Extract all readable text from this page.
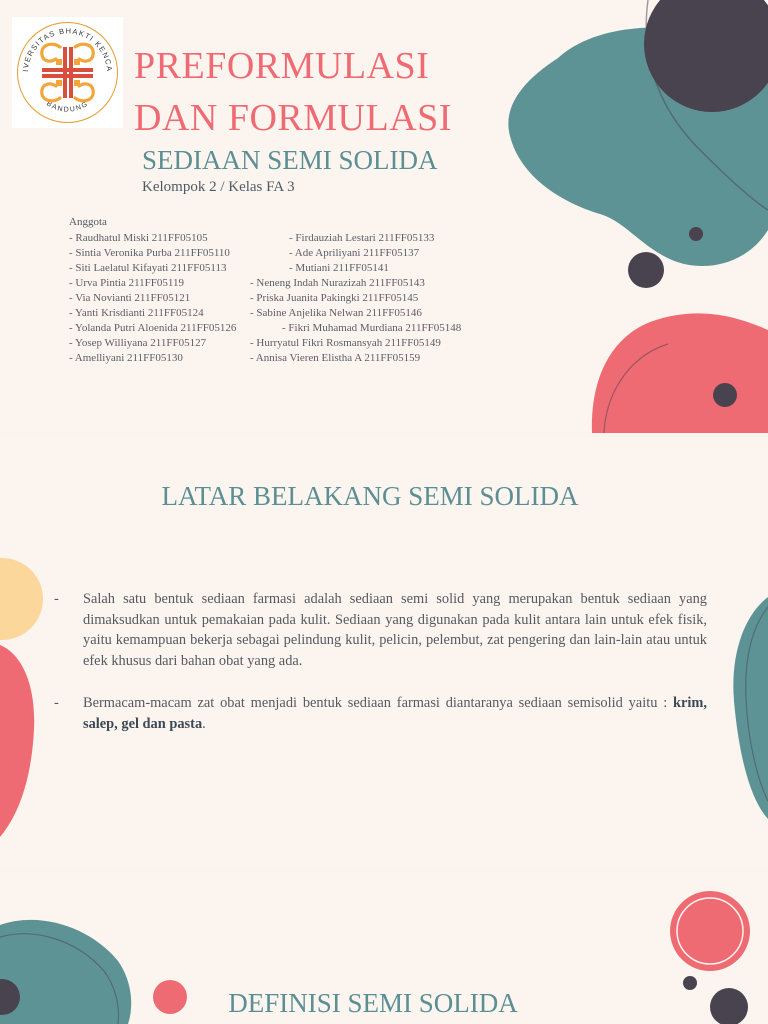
IVERSITAS BHAKTI KENCA
BANDUNG
PREFORMULASI
DAN FORMULASI
SEDIAAN SEMI SOLIDA
Kelompok 2 / Kelas FA 3
Anggota
- Raudhatul Miski 211FF05105
- Sintia Veronika Purba 211FF05110
- Siti Laelatul Kifayati 211FF05113
- Urva Pintia 211FF05119
- Via Novianti 211FF05121
- Yanti Krisdianti 211FF05124
- Yolanda Putri Aloenida 211FF05126
- Yosep Williyana 211FF05127
- Amelliyani 211FF05130
- Firdauziah Lestari 211FF05133
- Ade Apriliyani 211FF05137
- Mutiani 211FF05141
- Neneng Indah Nurazizah 211FF05143
- Priska Juanita Pakingki 211FF05145
- Sabine Anjelika Nelwan 211FF05146
- Fikri Muhamad Murdiana 211FF05148
- Hurryatul Fikri Rosmansyah 211FF05149
- Annisa Vieren Elistha A 211FF05159
LATAR BELAKANG SEMI SOLIDA
- Salah satu bentuk sediaan farmasi adalah sediaan semi solid yang merupakan bentuk sediaan yang dimaksudkan untuk pemakaian pada kulit. Sediaan yang digunakan pada kulit antara lain untuk efek fisik, yaitu kemampuan bekerja sebagai pelindung kulit, pelicin, pelembut, zat pengering dan lain-lain atau untuk efek khusus dari bahan obat yang ada.

- Bermacam-macam zat obat menjadi bentuk sediaan farmasi diantaranya sediaan semisolid yaitu : krim, salep, gel dan pasta.

DEFINISI SEMI SOLIDA
